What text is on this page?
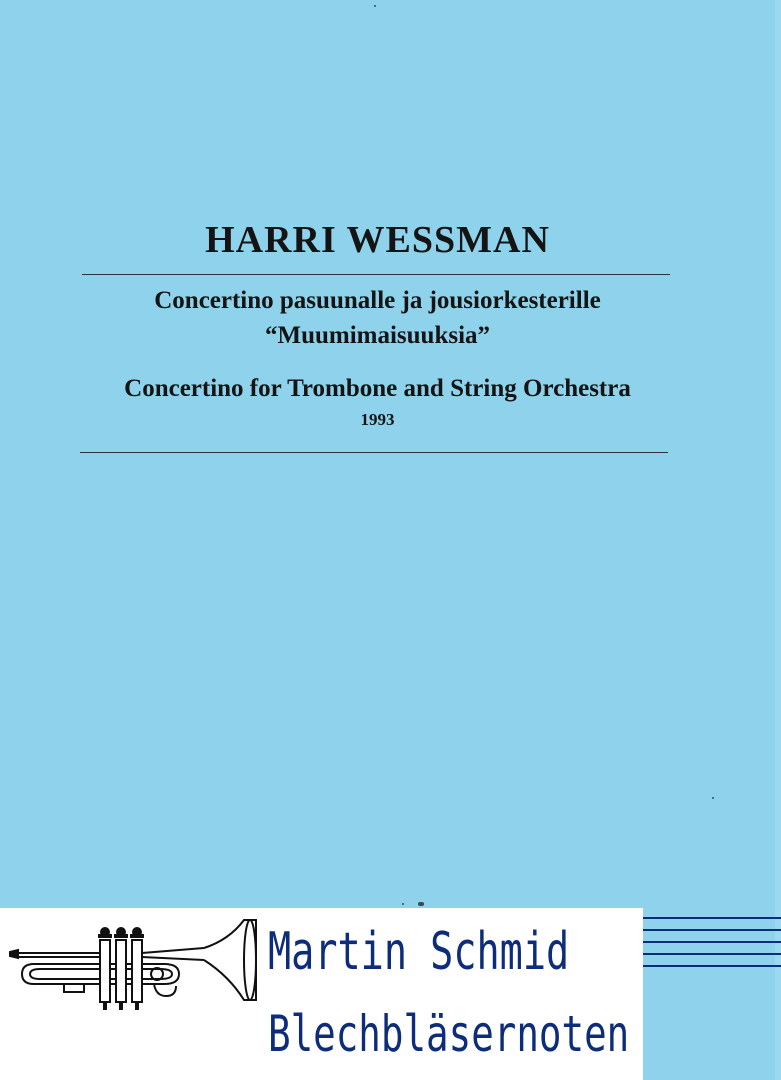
HARRI WESSMAN
Concertino pasuunalle ja jousiorkesterille
“Muumimaisuuksia”
Concertino for Trombone and String Orchestra
1993
Martin Schmid
Blechbläsernoten
